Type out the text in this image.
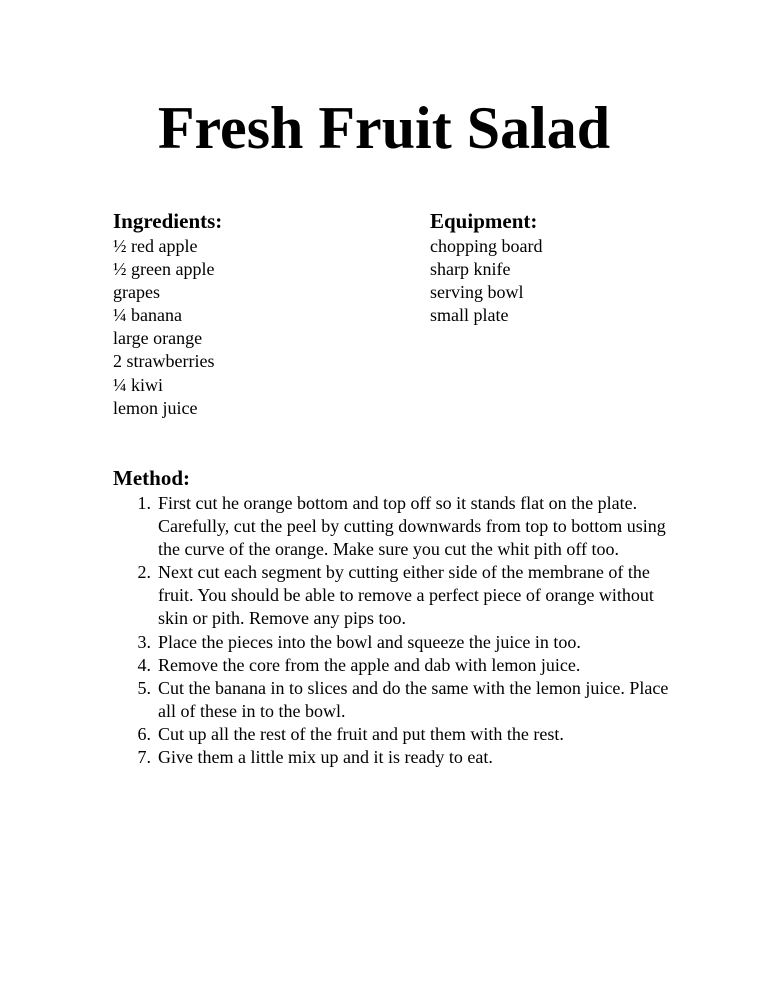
Fresh Fruit Salad
Ingredients:
½ red apple
½ green apple
grapes
¼ banana
large orange
2 strawberries
¼ kiwi
lemon juice
Equipment:
chopping board
sharp knife
serving bowl
small plate
Method:
1. First cut he orange bottom and top off so it stands flat on the plate. Carefully, cut the peel by cutting downwards from top to bottom using the curve of the orange. Make sure you cut the whit pith off too.
2. Next cut each segment by cutting either side of the membrane of the fruit. You should be able to remove a perfect piece of orange without skin or pith. Remove any pips too.
3. Place the pieces into the bowl and squeeze the juice in too.
4. Remove the core from the apple and dab with lemon juice.
5. Cut the banana in to slices and do the same with the lemon juice. Place all of these in to the bowl.
6. Cut up all the rest of the fruit and put them with the rest.
7. Give them a little mix up and it is ready to eat.
